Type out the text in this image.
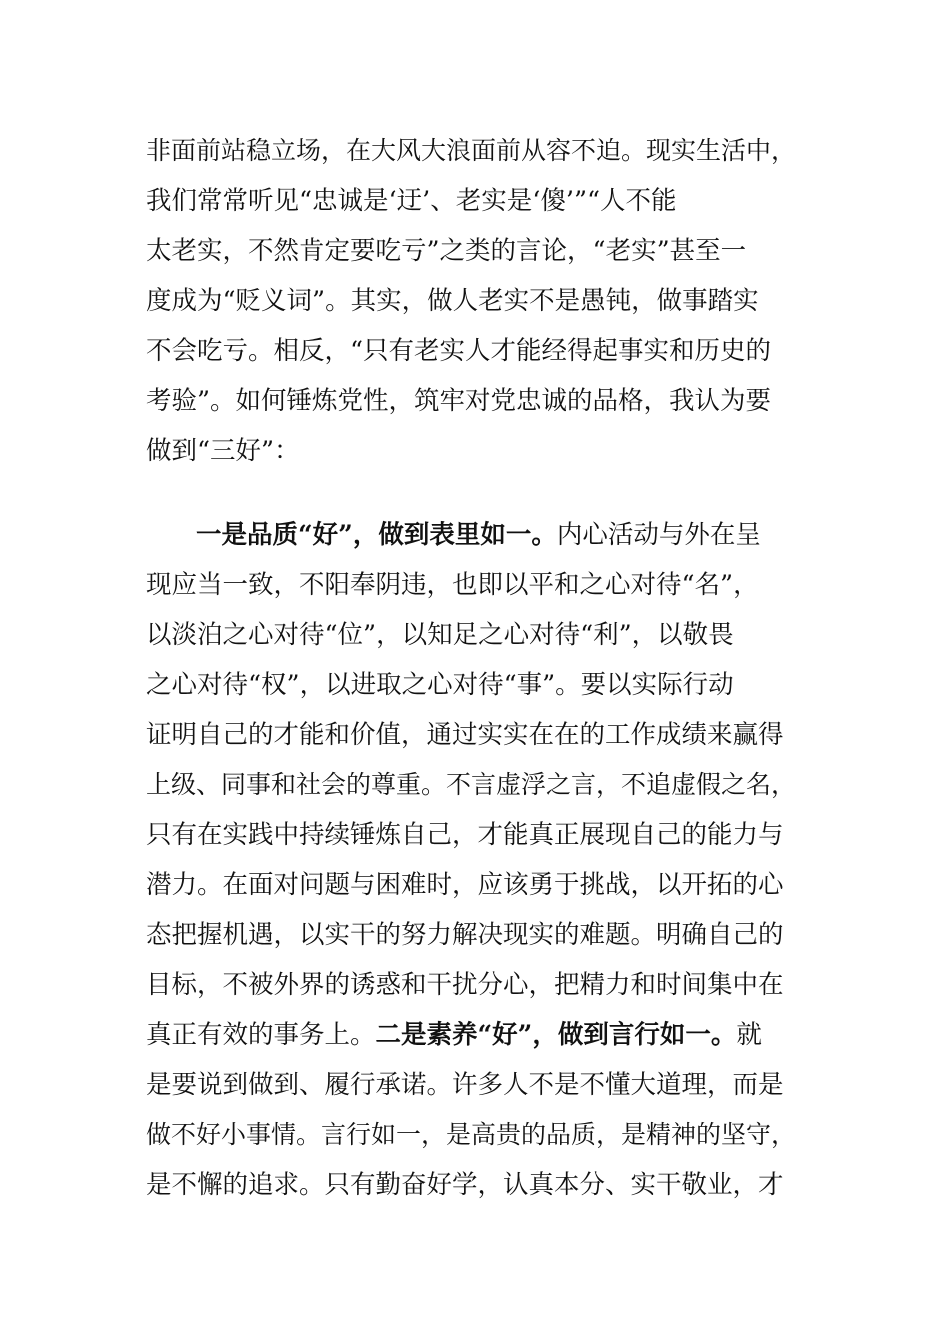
非面前站稳立场，在大风大浪面前从容不迫。现实生活中，
我们常常听见“忠诚是‘迂’、老实是‘傻’”“人不能
太老实，不然肯定要吃亏”之类的言论，“老实”甚至一
度成为“贬义词”。其实，做人老实不是愚钝，做事踏实
不会吃亏。相反，“只有老实人才能经得起事实和历史的
考验”。如何锤炼党性，筑牢对党忠诚的品格，我认为要
做到“三好”：
一是品质“好”，做到表里如一。内心活动与外在呈
现应当一致，不阳奉阴违，也即以平和之心对待“名”，
以淡泊之心对待“位”，以知足之心对待“利”，以敬畏
之心对待“权”，以进取之心对待“事”。要以实际行动
证明自己的才能和价值，通过实实在在的工作成绩来赢得
上级、同事和社会的尊重。不言虚浮之言，不追虚假之名，
只有在实践中持续锤炼自己，才能真正展现自己的能力与
潜力。在面对问题与困难时，应该勇于挑战，以开拓的心
态把握机遇，以实干的努力解决现实的难题。明确自己的
目标，不被外界的诱惑和干扰分心，把精力和时间集中在
真正有效的事务上。二是素养“好”，做到言行如一。就
是要说到做到、履行承诺。许多人不是不懂大道理，而是
做不好小事情。言行如一，是高贵的品质，是精神的坚守，
是不懈的追求。只有勤奋好学，认真本分、实干敬业，才
